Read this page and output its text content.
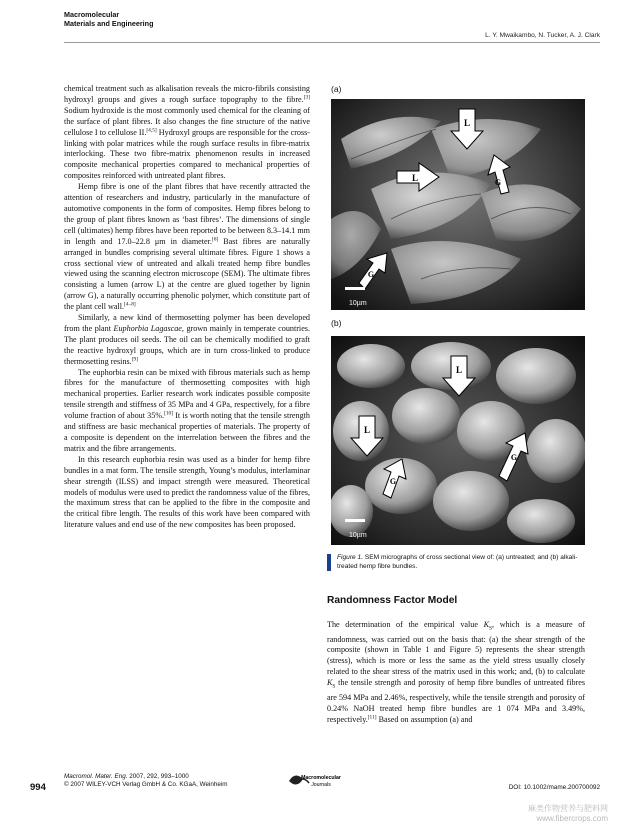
Macromolecular
Materials and Engineering
L. Y. Mwaikambo, N. Tucker, A. J. Clark

chemical treatment such as alkalisation reveals the micro-fibrils consisting hydroxyl groups and gives a rough surface topography to the fibre.[3] Sodium hydroxide is the most commonly used chemical for the cleaning of the surface of plant fibres. It also changes the fine structure of the native cellulose I to cellulose II.[4,5] Hydroxyl groups are responsible for the cross-linking with polar matrices while the rough surface results in fibre-matrix interlocking. These two fibre-matrix phenomenon results in increased composite mechanical properties compared to mechanical properties of composites reinforced with untreated plant fibres.

Hemp fibre is one of the plant fibres that have recently attracted the attention of researchers and industry, particularly in the manufacture of automotive components in the form of composites. Hemp fibres belong to the group of plant fibres known as ‘bast fibres’. The dimensions of single cell (ultimates) hemp fibres have been reported to be between 8.3–14.1 mm in length and 17.0–22.8 μm in diameter.[6] Bast fibres are naturally arranged in bundles comprising several ultimate fibres. Figure 1 shows a cross sectional view of untreated and alkali treated hemp fibre bundles viewed using the scanning electron microscope (SEM). The ultimate fibres consisting a lumen (arrow L) at the centre are glued together by lignin (arrow G), a naturally occurring phenolic polymer, which constitute part of the plant cell wall.[4–8]

Similarly, a new kind of thermosetting polymer has been developed from the plant Euphorbia Lagascae, grown mainly in temperate countries. The plant produces oil seeds. The oil can be chemically modified to graft the reactive hydroxyl groups, which are in turn cross-linked to produce thermosetting resins.[9]

The euphorbia resin can be mixed with fibrous materials such as hemp fibres for the manufacture of thermosetting composites with high mechanical properties. Earlier research work indicates possible composite tensile strength and stiffness of 35 MPa and 4 GPa, respectively, for a fibre volume fraction of about 35%.[10] It is worth noting that the tensile strength and stiffness are basic mechanical properties of materials. The property of a composite is dependent on the interrelation between the fibres and the matrix and the fibre arrangements.

In this research euphorbia resin was used as a binder for hemp fibre bundles in a mat form. The tensile strength, Young’s modulus, interlaminar shear strength (ILSS) and impact strength were measured. Theoretical models of modulus were used to predict the randomness value of the fibres, the maximum stress that can be applied to the fibre in the composite and the critical fibre length. The results of this work have been compared with literature values and end use of the new composites has been proposed.

(a)
L
L	G
G
10µm
(b)
L
L
G
G
10µm
Figure 1. SEM micrographs of cross sectional view of: (a) untreated; and (b) alkali-treated hemp fibre bundles.
Randomness Factor Model

The determination of the empirical value $K_S$, which is a measure of randomness, was carried out on the basis that: (a) the shear strength of the composite (shown in Table 1 and Figure 5) represents the shear strength (stress), which is more or less the same as the yield stress usually closely related to the shear stress of the matrix used in this work; and, (b) to calculate $K_S$ the tensile strength and porosity of hemp fibre bundles of untreated fibres are 594 MPa and 2.46%, respectively, while the tensile strength and porosity of 0.24% NaOH treated hemp fibre bundles are 1 074 MPa and 3.49%, respectively.[11] Based on assumption (a) and

994
Macromol. Mater. Eng. 2007, 292, 993–1000
© 2007 WILEY-VCH Verlag GmbH & Co. KGaA, Weinheim
Macromolecular
Journals	DOI: 10.1002/mame.200700092
麻类作物营养与肥料网
www.fibercrops.com
